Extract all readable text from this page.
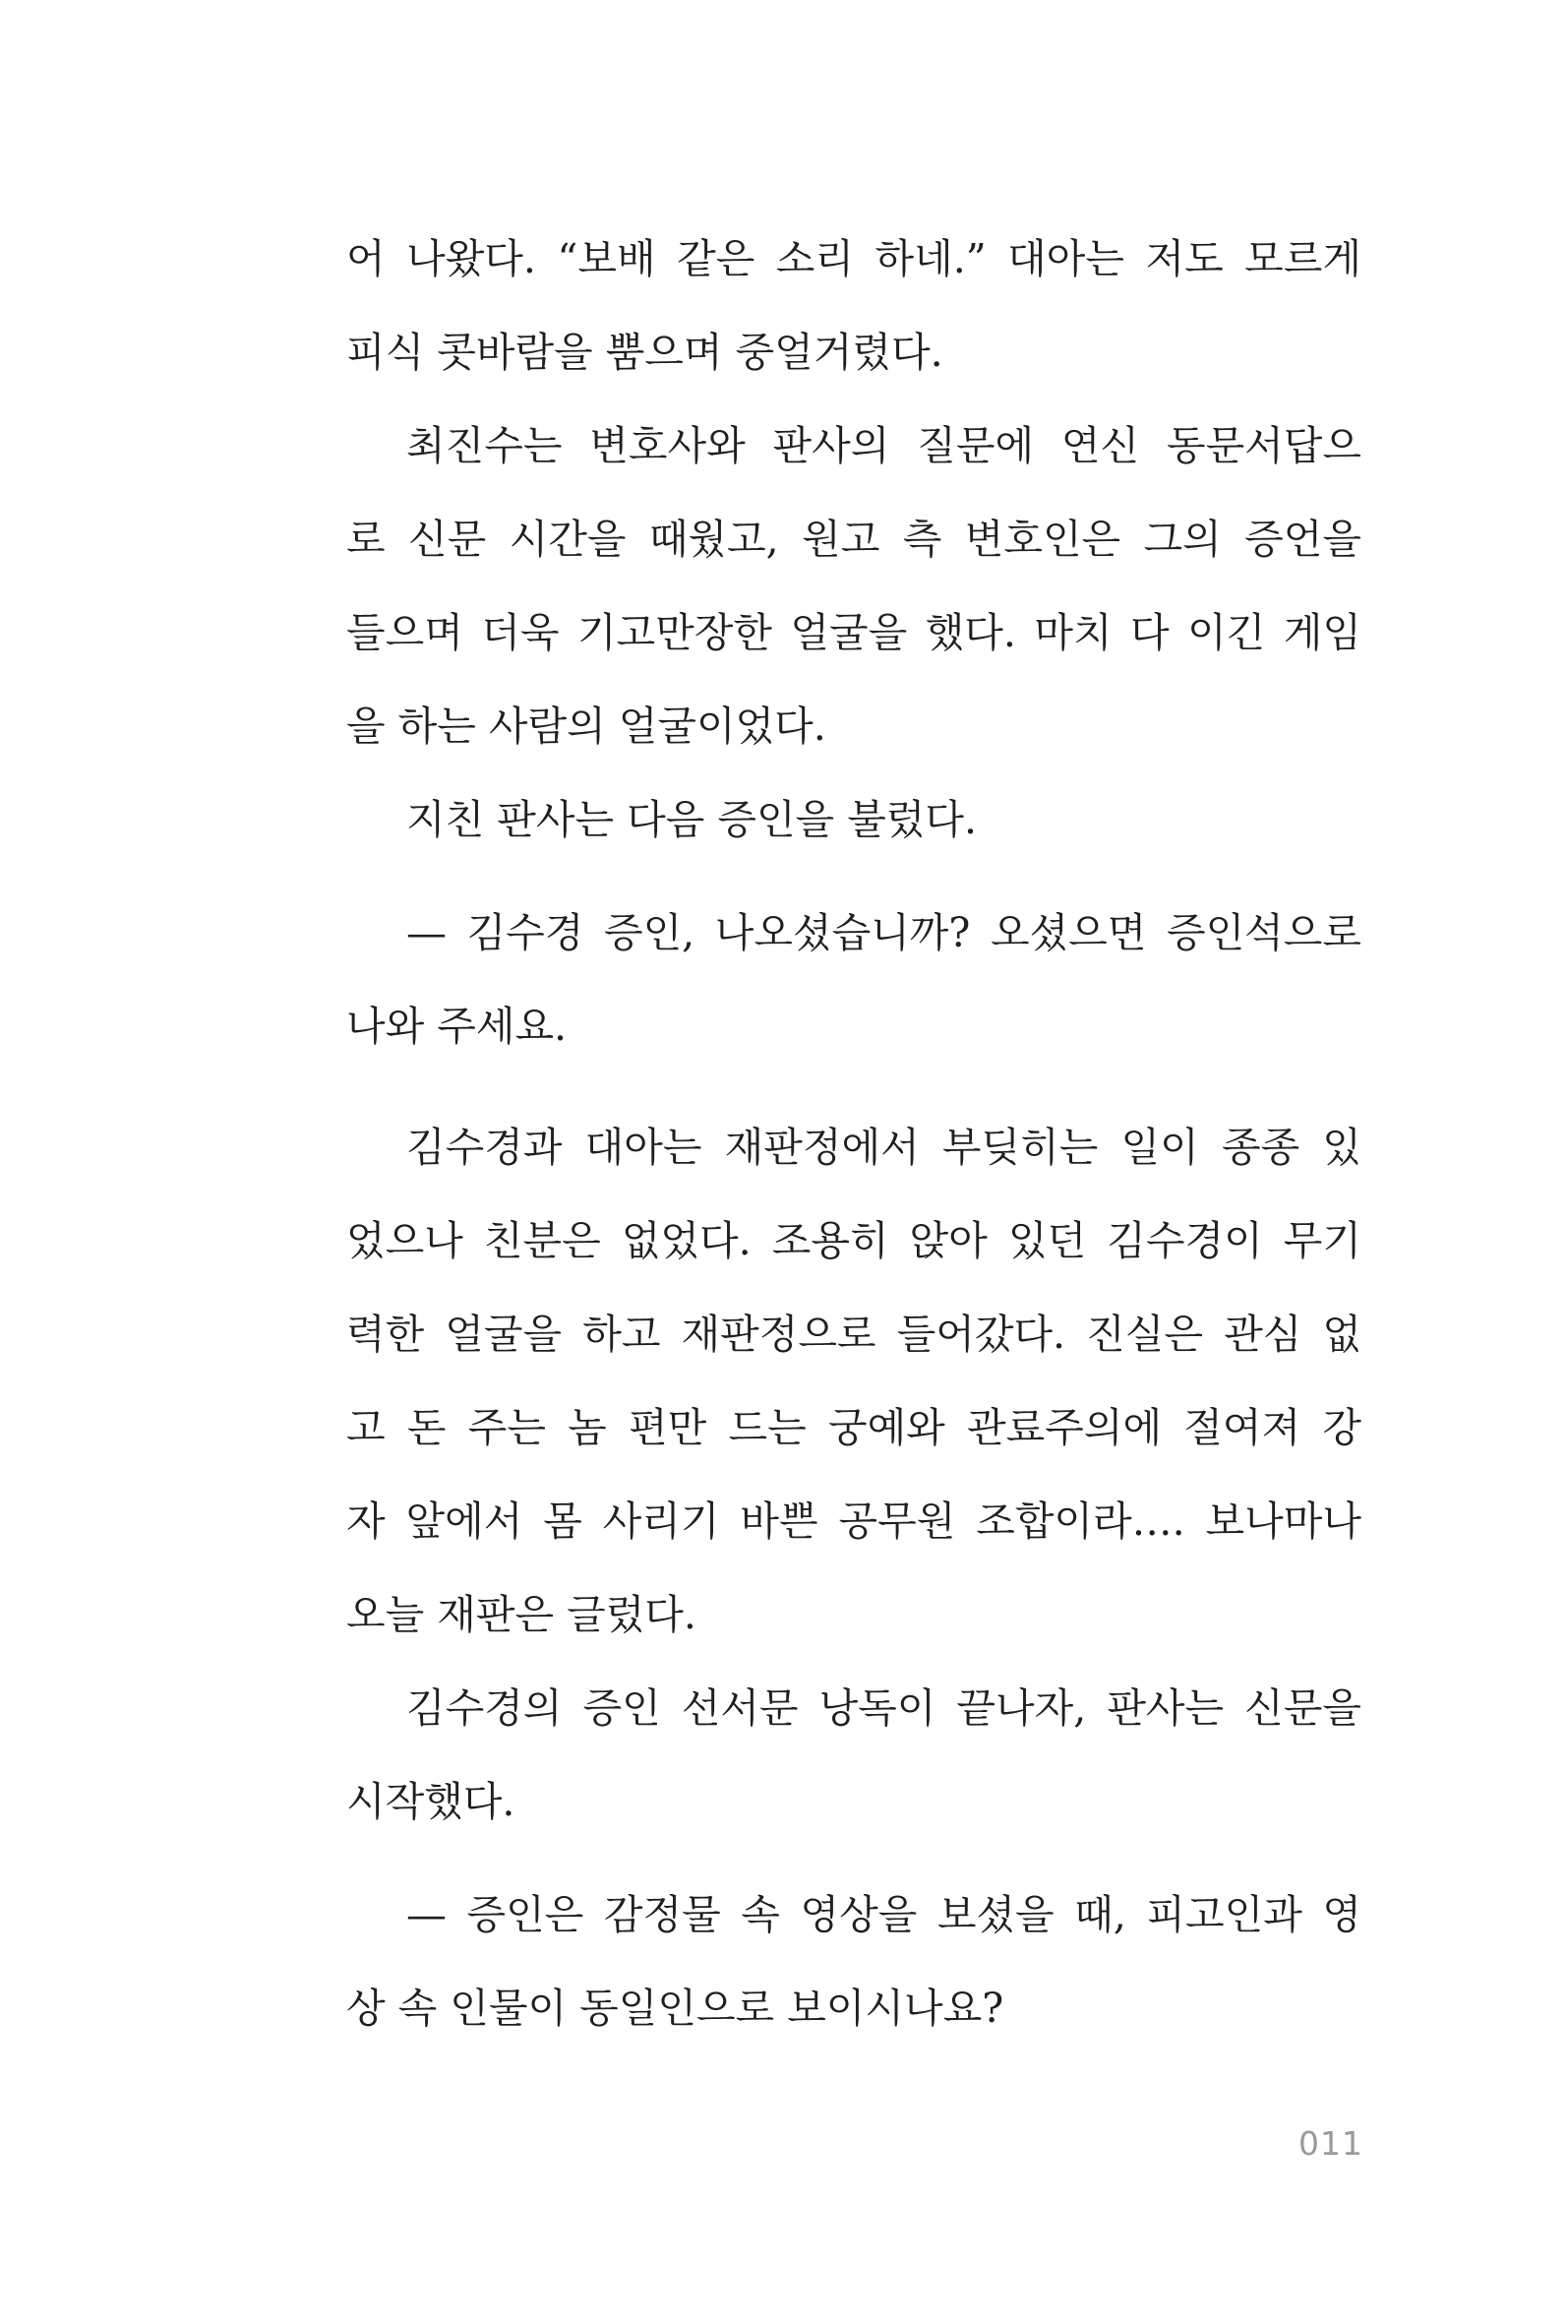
어 나왔다. “보배 같은 소리 하네.” 대아는 저도 모르게
피식 콧바람을 뿜으며 중얼거렸다.
최진수는 변호사와 판사의 질문에 연신 동문서답으
로 신문 시간을 때웠고, 원고 측 변호인은 그의 증언을
들으며 더욱 기고만장한 얼굴을 했다. 마치 다 이긴 게임
을 하는 사람의 얼굴이었다.
지친 판사는 다음 증인을 불렀다.
— 김수경 증인, 나오셨습니까? 오셨으면 증인석으로
나와 주세요.
김수경과 대아는 재판정에서 부딪히는 일이 종종 있
었으나 친분은 없었다. 조용히 앉아 있던 김수경이 무기
력한 얼굴을 하고 재판정으로 들어갔다. 진실은 관심 없
고 돈 주는 놈 편만 드는 궁예와 관료주의에 절여져 강
자 앞에서 몸 사리기 바쁜 공무원 조합이라…. 보나마나
오늘 재판은 글렀다.
김수경의 증인 선서문 낭독이 끝나자, 판사는 신문을
시작했다.
— 증인은 감정물 속 영상을 보셨을 때, 피고인과 영
상 속 인물이 동일인으로 보이시나요?
011
